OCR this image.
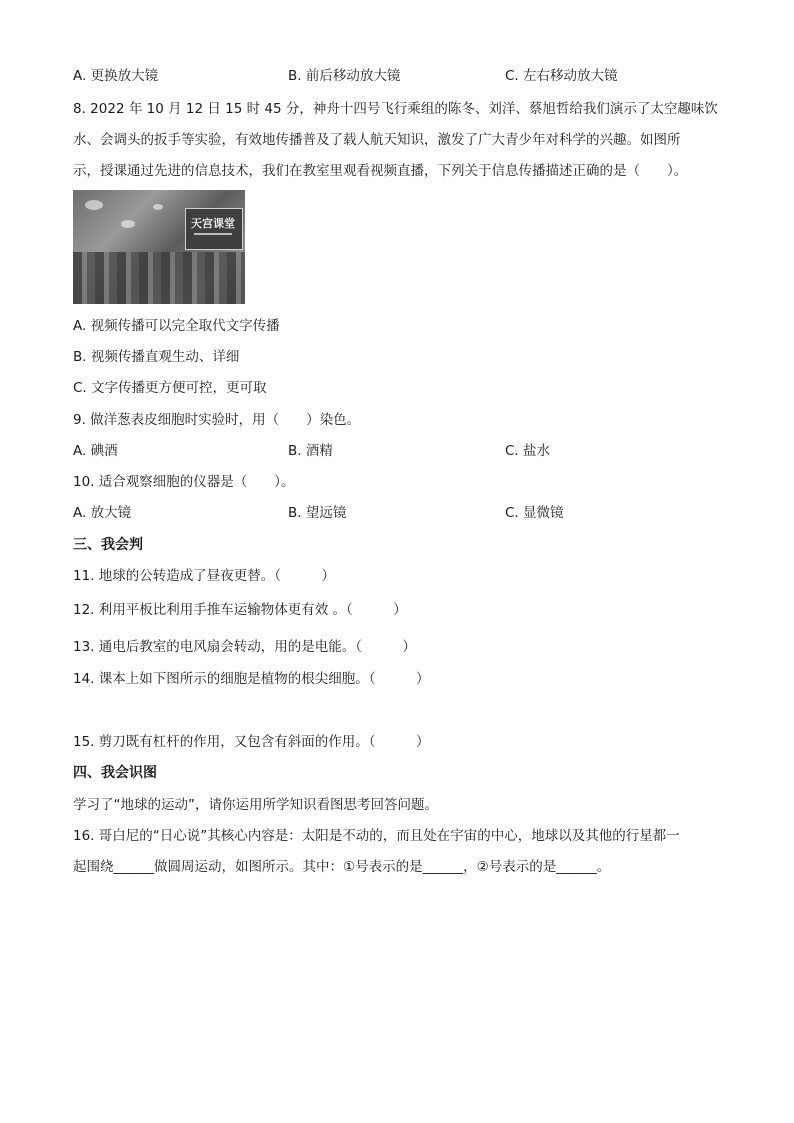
A. 更换放大镜	B. 前后移动放大镜	C. 左右移动放大镜
8. 2022 年 10 月 12 日 15 时 45 分，神舟十四号飞行乘组的陈冬、刘洋、蔡旭哲给我们演示了太空趣味饮
水、会调头的扳手等实验，有效地传播普及了载人航天知识，激发了广大青少年对科学的兴趣。如图所
示，授课通过先进的信息技术，我们在教室里观看视频直播，下列关于信息传播描述正确的是（　　）。
天宫课堂
A. 视频传播可以完全取代文字传播
B. 视频传播直观生动、详细
C. 文字传播更方便可控，更可取
9. 做洋葱表皮细胞时实验时，用（　　）染色。
A. 碘酒	B. 酒精	C. 盐水
10. 适合观察细胞的仪器是（　　）。
A. 放大镜	B. 望远镜	C. 显微镜
三、我会判
11. 地球的公转造成了昼夜更替。（　　　）
12. 利用平板比利用手推车运输物体更有效 。（　　　）
13. 通电后教室的电风扇会转动，用的是电能。（　　　）
14. 课本上如下图所示的细胞是植物的根尖细胞。（　　　）
15. 剪刀既有杠杆的作用，又包含有斜面的作用。（　　　）
四、我会识图
学习了“地球的运动”，请你运用所学知识看图思考回答问题。
16. 哥白尼的“日心说”其核心内容是：太阳是不动的，而且处在宇宙的中心，地球以及其他的行星都一
起围绕______做圆周运动，如图所示。其中：①号表示的是______，②号表示的是______。
